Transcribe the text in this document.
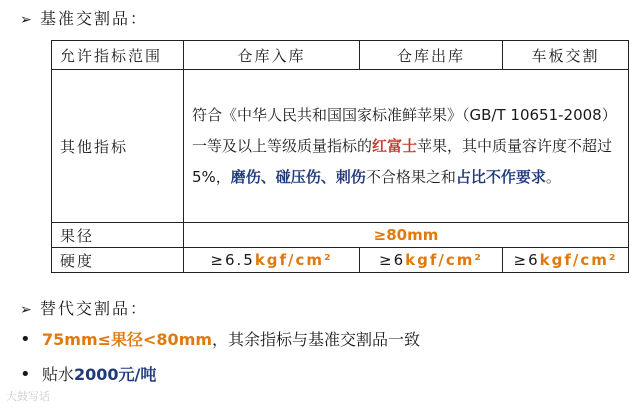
➢ 基准交割品：
允许指标范围	仓库入库	仓库出库	车板交割
其他指标	符合《中华人民共和国国家标准鲜苹果》（GB/T 10651-2008）一等及以上等级质量指标的红富士苹果，其中质量容许度不超过5%，磨伤、碰压伤、刺伤不合格果之和占比不作要求。		
果径	≥80mm		
硬度	≥6.5kgf/cm²	≥6kgf/cm²	≥6kgf/cm²
➢ 替代交割品：
• 75mm≤果径<80mm，其余指标与基准交割品一致
• 贴水2000元/吨
大鼓写话
